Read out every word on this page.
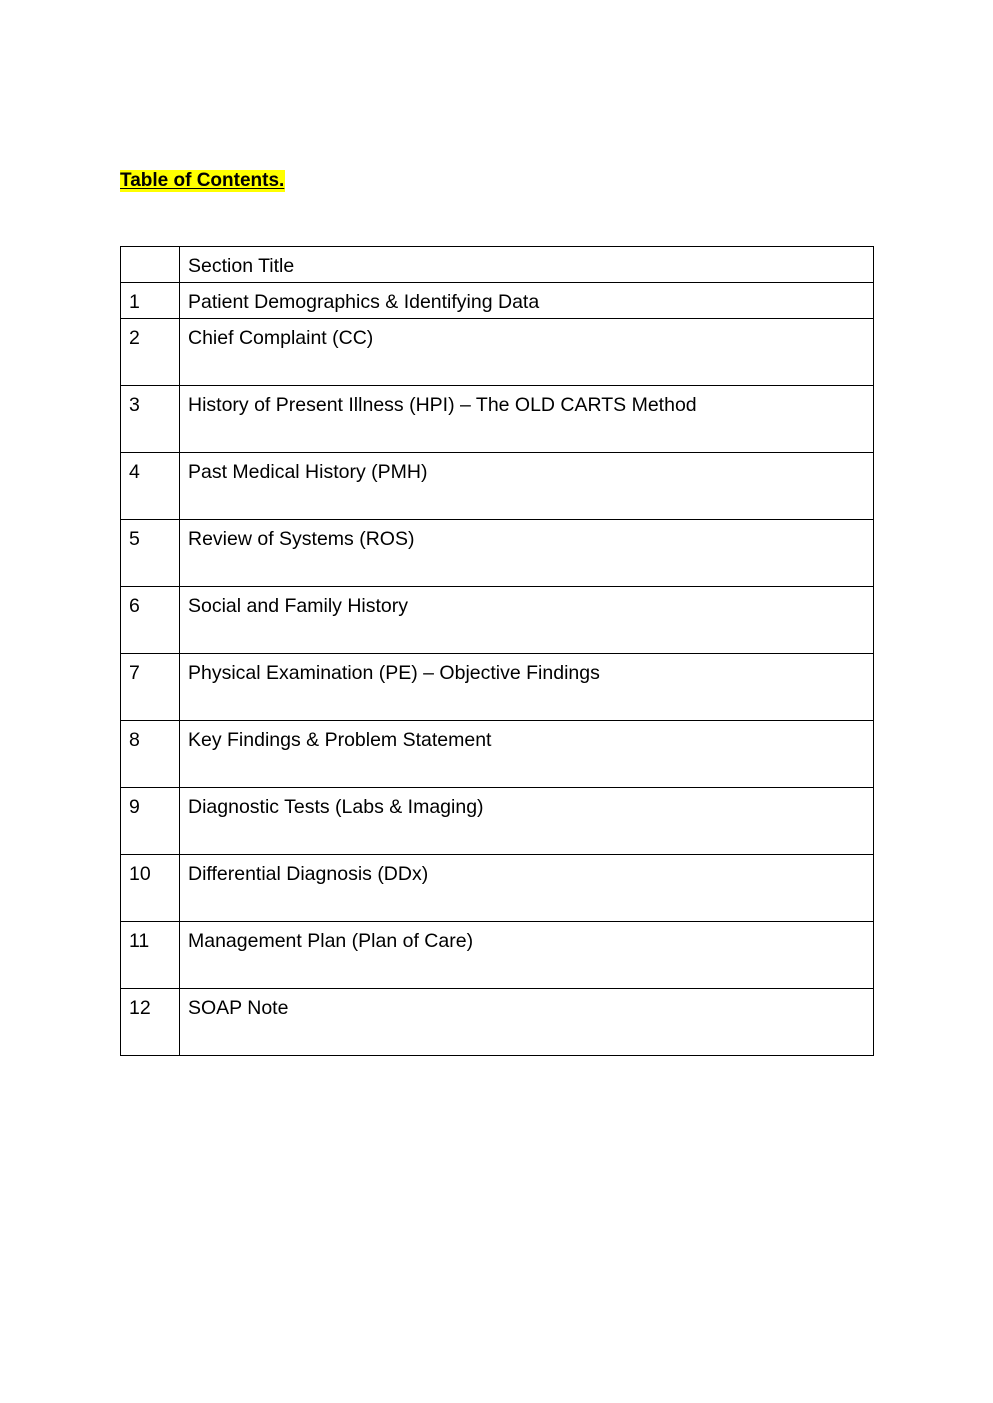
Table of Contents.
	Section Title
1	Patient Demographics & Identifying Data
2	Chief Complaint (CC)
3	History of Present Illness (HPI) – The OLD CARTS Method
4	Past Medical History (PMH)
5	Review of Systems (ROS)
6	Social and Family History
7	Physical Examination (PE) – Objective Findings
8	Key Findings & Problem Statement
9	Diagnostic Tests (Labs & Imaging)
10	Differential Diagnosis (DDx)
11	Management Plan (Plan of Care)
12	SOAP Note
